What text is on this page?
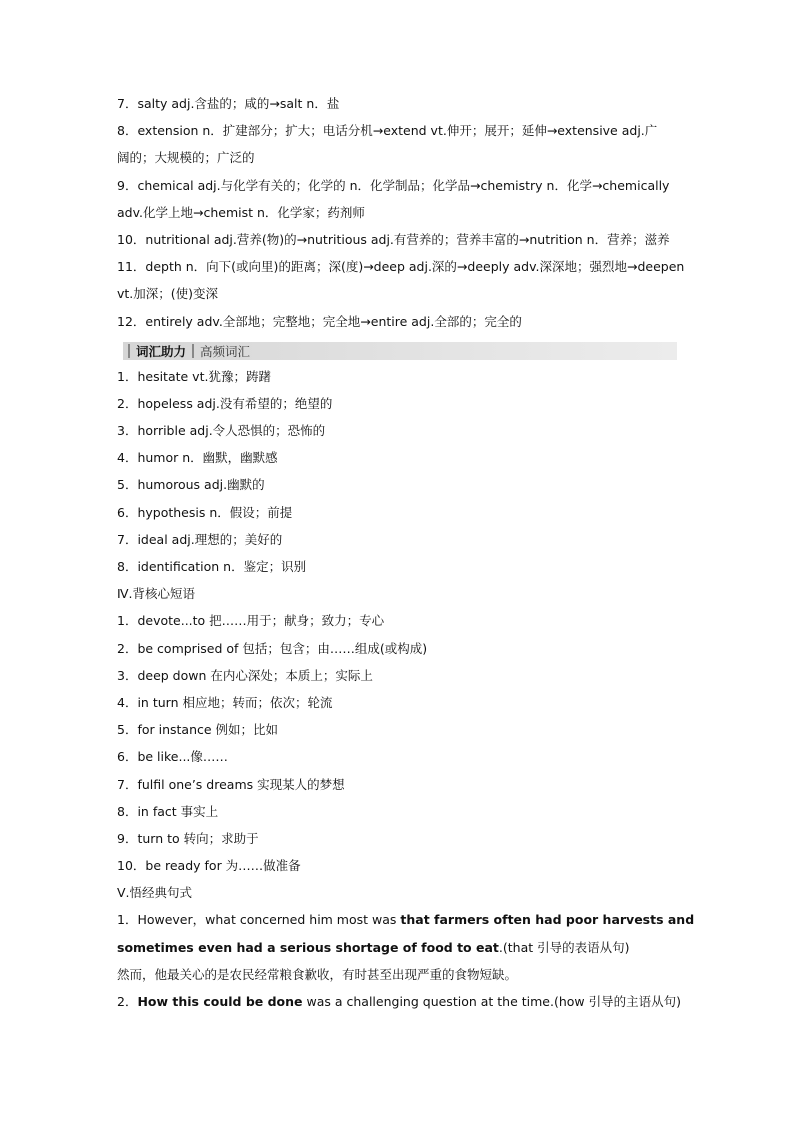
7．salty adj.含盐的；咸的→salt n．盐
8．extension n．扩建部分；扩大；电话分机→extend vt.伸开；展开；延伸→extensive adj.广
阔的；大规模的；广泛的
9．chemical adj.与化学有关的；化学的 n．化学制品；化学品→chemistry n．化学→chemically
adv.化学上地→chemist n．化学家；药剂师
10．nutritional adj.营养(物)的→nutritious adj.有营养的；营养丰富的→nutrition n．营养；滋养
11．depth n．向下(或向里)的距离；深(度)→deep adj.深的→deeply adv.深深地；强烈地→deepen
vt.加深；(使)变深
12．entirely adv.全部地；完整地；完全地→entire adj.全部的；完全的
词汇助力 高频词汇
1．hesitate vt.犹豫；踌躇
2．hopeless adj.没有希望的；绝望的
3．horrible adj.令人恐惧的；恐怖的
4．humor n．幽默，幽默感
5．humorous adj.幽默的
6．hypothesis n．假设；前提
7．ideal adj.理想的；美好的
8．identification n．鉴定；识别
Ⅳ.背核心短语
1．devote...to 把……用于；献身；致力；专心
2．be comprised of 包括；包含；由……组成(或构成)
3．deep down 在内心深处；本质上；实际上
4．in turn 相应地；转而；依次；轮流
5．for instance 例如；比如
6．be like...像……
7．fulfil one’s dreams 实现某人的梦想
8．in fact 事实上
9．turn to 转向；求助于
10．be ready for 为……做准备
Ⅴ.悟经典句式
1．However，what concerned him most was that farmers often had poor harvests and
sometimes even had a serious shortage of food to eat.(that 引导的表语从句)
然而，他最关心的是农民经常粮食歉收，有时甚至出现严重的食物短缺。
2．How this could be done was a challenging question at the time.(how 引导的主语从句)
